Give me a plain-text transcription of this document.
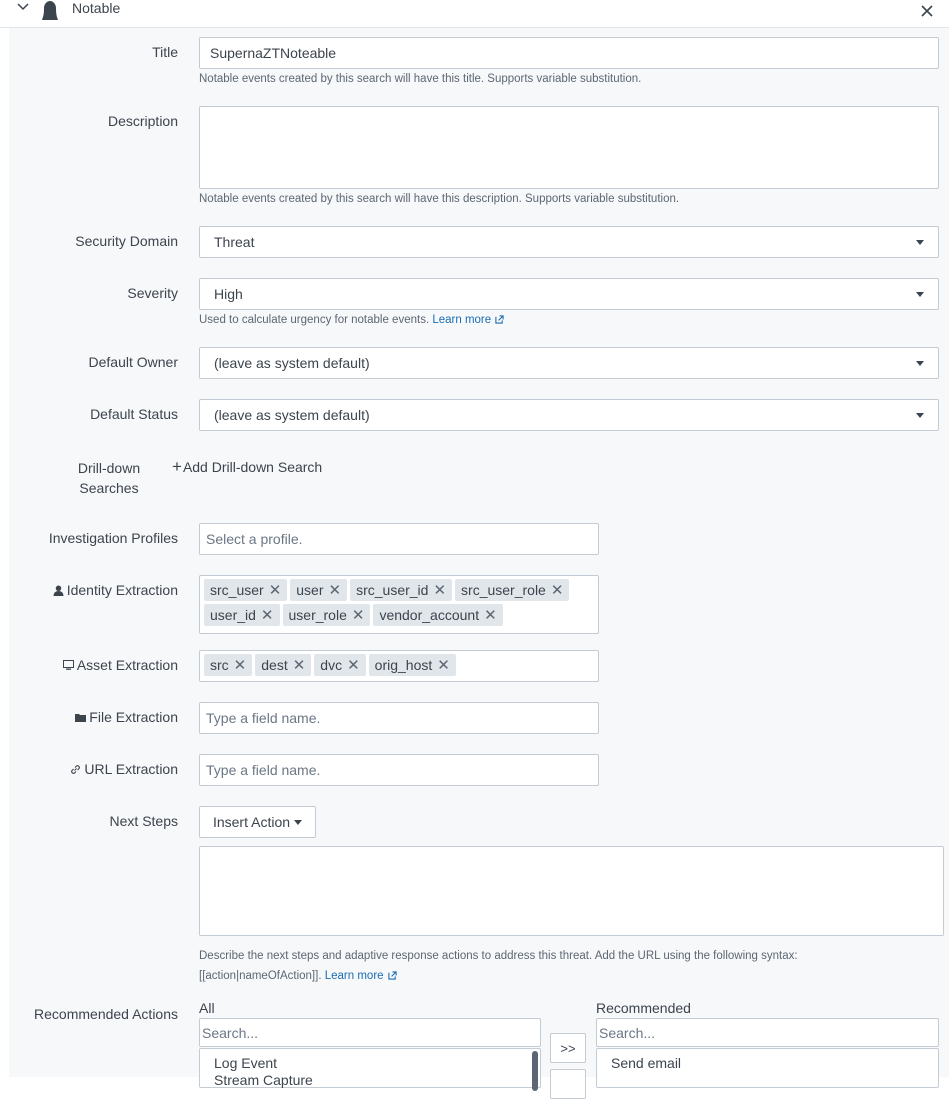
Title	SupernaZTNoteable
Notable events created by this search will have this title. Supports variable substitution.
Description
Notable events created by this search will have this description. Supports variable substitution.
Security Domain	Threat
Severity	High
Used to calculate urgency for notable events. Learn more
Default Owner	(leave as system default)
Default Status	(leave as system default)
Drill-down
Searches
+ Add Drill-down Search
Investigation Profiles	Select a profile.
Identity Extraction src_user ✕ user ✕ src_user_id ✕ src_user_role ✕
user_id ✕ user_role ✕ vendor_account ✕
Asset Extraction src ✕ dest ✕ dvc ✕ orig_host ✕
File Extraction	Type a field name.
URL Extraction	Type a field name.
Next Steps Insert Action
Describe the next steps and adaptive response actions to address this threat. Add the URL using the following syntax:
[[action|nameOfAction]]. Learn more
Recommended Actions All
Search...
Log Event
Stream Capture
>>
Recommended
Search...
Send email
Notable
